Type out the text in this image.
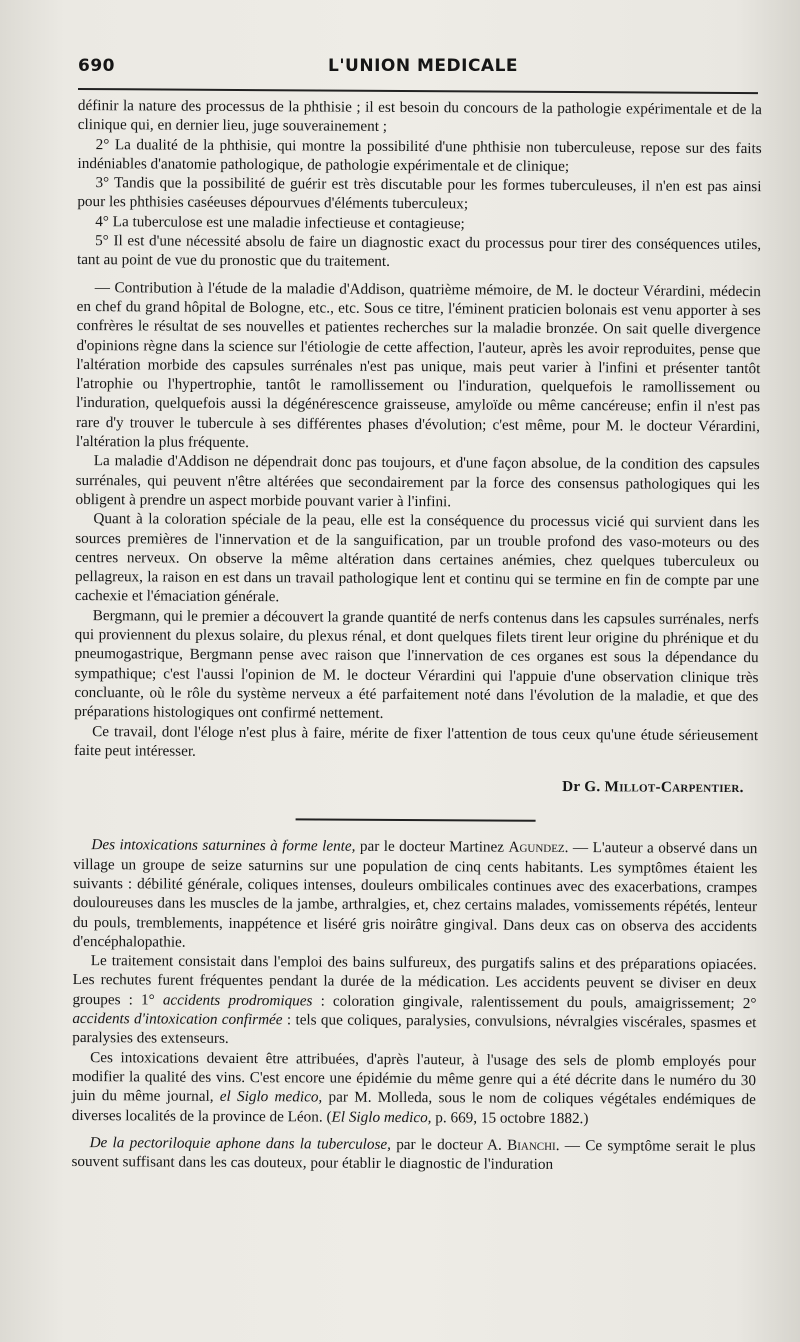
690	L'UNION MEDICALE

définir la nature des processus de la phthisie ; il est besoin du concours de la pathologie expérimentale et de la clinique qui, en dernier lieu, juge souverainement ;

2° La dualité de la phthisie, qui montre la possibilité d'une phthisie non tuberculeuse, repose sur des faits indéniables d'anatomie pathologique, de pathologie expérimentale et de clinique;

3° Tandis que la possibilité de guérir est très discutable pour les formes tuberculeuses, il n'en est pas ainsi pour les phthisies caséeuses dépourvues d'éléments tuberculeux;

4° La tuberculose est une maladie infectieuse et contagieuse;

5° Il est d'une nécessité absolu de faire un diagnostic exact du processus pour tirer des conséquences utiles, tant au point de vue du pronostic que du traitement.

— Contribution à l'étude de la maladie d'Addison, quatrième mémoire, de M. le docteur Vérardini, médecin en chef du grand hôpital de Bologne, etc., etc. Sous ce titre, l'éminent praticien bolonais est venu apporter à ses confrères le résultat de ses nouvelles et patientes recherches sur la maladie bronzée. On sait quelle divergence d'opinions règne dans la science sur l'étiologie de cette affection, l'auteur, après les avoir reproduites, pense que l'altération morbide des capsules surrénales n'est pas unique, mais peut varier à l'infini et présenter tantôt l'atrophie ou l'hypertrophie, tantôt le ramollissement ou l'induration, quelquefois le ramollissement ou l'induration, quelquefois aussi la dégénérescence graisseuse, amyloïde ou même cancéreuse; enfin il n'est pas rare d'y trouver le tubercule à ses différentes phases d'évolution; c'est même, pour M. le docteur Vérardini, l'altération la plus fréquente.

La maladie d'Addison ne dépendrait donc pas toujours, et d'une façon absolue, de la condition des capsules surrénales, qui peuvent n'être altérées que secondairement par la force des consensus pathologiques qui les obligent à prendre un aspect morbide pouvant varier à l'infini.

Quant à la coloration spéciale de la peau, elle est la conséquence du processus vicié qui survient dans les sources premières de l'innervation et de la sanguification, par un trouble profond des vaso-moteurs ou des centres nerveux. On observe la même altération dans certaines anémies, chez quelques tuberculeux ou pellagreux, la raison en est dans un travail pathologique lent et continu qui se termine en fin de compte par une cachexie et l'émaciation générale.

Bergmann, qui le premier a découvert la grande quantité de nerfs contenus dans les capsules surrénales, nerfs qui proviennent du plexus solaire, du plexus rénal, et dont quelques filets tirent leur origine du phrénique et du pneumogastrique, Bergmann pense avec raison que l'innervation de ces organes est sous la dépendance du sympathique; c'est l'aussi l'opinion de M. le docteur Vérardini qui l'appuie d'une observation clinique très concluante, où le rôle du système nerveux a été parfaitement noté dans l'évolution de la maladie, et que des préparations histologiques ont confirmé nettement.

Ce travail, dont l'éloge n'est plus à faire, mérite de fixer l'attention de tous ceux qu'une étude sérieusement faite peut intéresser.

Dr G. Millot-Carpentier.

Des intoxications saturnines à forme lente, par le docteur Martinez Agundez. — L'auteur a observé dans un village un groupe de seize saturnins sur une population de cinq cents habitants. Les symptômes étaient les suivants : débilité générale, coliques intenses, douleurs ombilicales continues avec des exacerbations, crampes douloureuses dans les muscles de la jambe, arthralgies, et, chez certains malades, vomissements répétés, lenteur du pouls, tremblements, inappétence et liséré gris noirâtre gingival. Dans deux cas on observa des accidents d'encéphalopathie.

Le traitement consistait dans l'emploi des bains sulfureux, des purgatifs salins et des préparations opiacées. Les rechutes furent fréquentes pendant la durée de la médication. Les accidents peuvent se diviser en deux groupes : 1° accidents prodromiques : coloration gingivale, ralentissement du pouls, amaigrissement; 2° accidents d'intoxication confirmée : tels que coliques, paralysies, convulsions, névralgies viscérales, spasmes et paralysies des extenseurs.

Ces intoxications devaient être attribuées, d'après l'auteur, à l'usage des sels de plomb employés pour modifier la qualité des vins. C'est encore une épidémie du même genre qui a été décrite dans le numéro du 30 juin du même journal, el Siglo medico, par M. Molleda, sous le nom de coliques végétales endémiques de diverses localités de la province de Léon. (El Siglo medico, p. 669, 15 octobre 1882.)

De la pectoriloquie aphone dans la tuberculose, par le docteur A. Bianchi. — Ce symptôme serait le plus souvent suffisant dans les cas douteux, pour établir le diagnostic de l'induration
